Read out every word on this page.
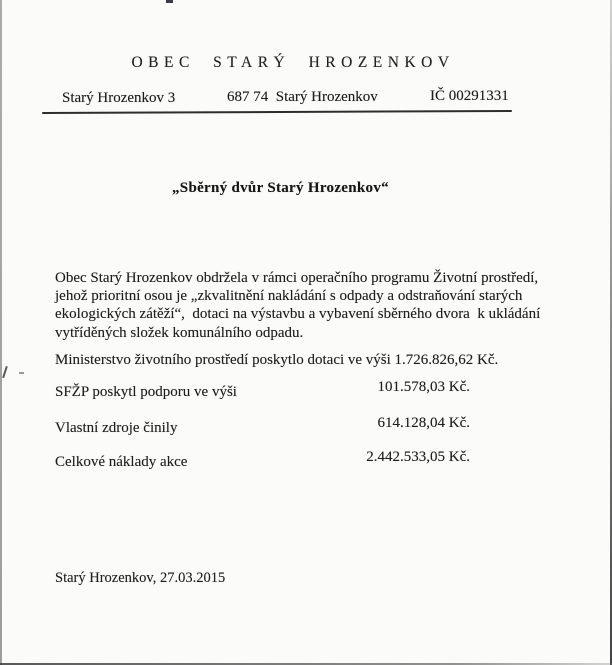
OBEC STARÝ HROZENKOV
Starý Hrozenkov 3	687 74  Starý Hrozenkov	IČ 00291331
„Sběrný dvůr Starý Hrozenkov“
Obec Starý Hrozenkov obdržela v rámci operačního programu Životní prostředí,
jehož prioritní osou je „zkvalitnění nakládání s odpady a odstraňování starých
ekologických zátěží“,  dotaci na výstavbu a vybavení sběrného dvora  k ukládání
vytříděných složek komunálního odpadu.
Ministerstvo životního prostředí poskytlo dotaci ve výši 1.726.826,62 Kč.
SFŽP poskytl podporu ve výši	101.578,03 Kč.
Vlastní zdroje činily	614.128,04 Kč.
Celkové náklady akce	2.442.533,05 Kč.
Starý Hrozenkov, 27.03.2015
